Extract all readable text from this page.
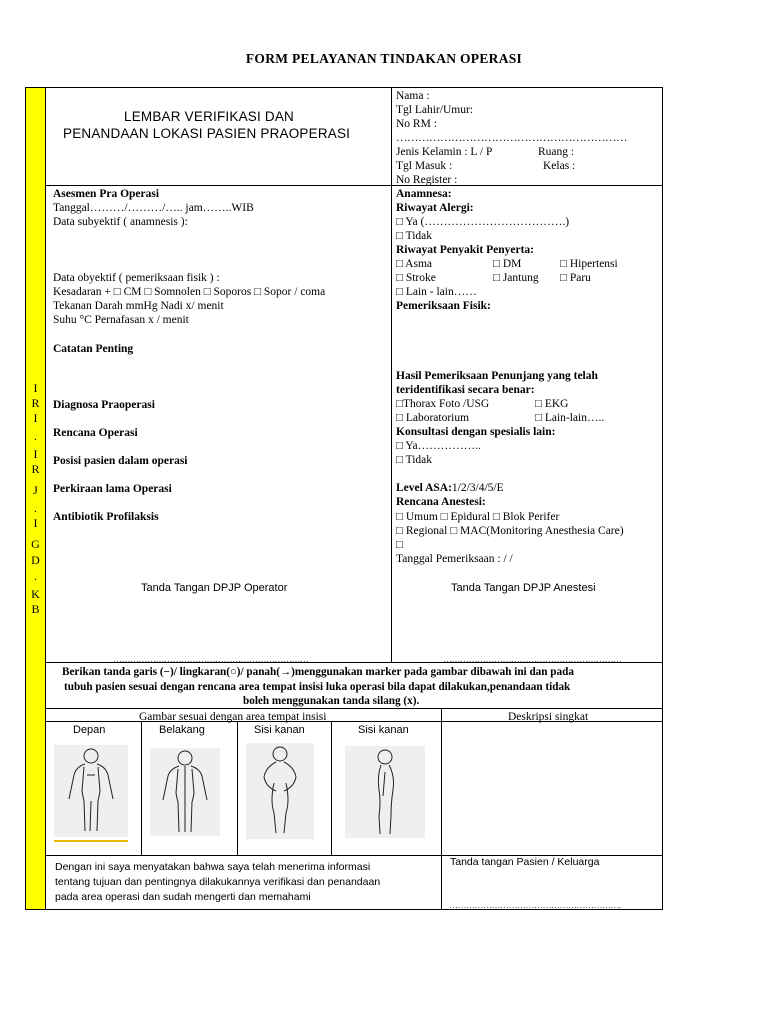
FORM PELAYANAN TINDAKAN OPERASI
I
R
I
.
I
R
J
.
I
G
D
.
K
B
LEMBAR VERIFIKASI DAN
PENANDAAN LOKASI PASIEN PRAOPERASI
Nama :
Tgl Lahir/Umur:
No RM :
………………………………………………………
Jenis Kelamin : L / P	Ruang :
Tgl Masuk :	Kelas :
No Register :
Asesmen Pra Operasi
Tanggal………/………/….. jam……..WIB
Data subyektif ( anamnesis ):
Data obyektif ( pemeriksaan fisik ) :
Kesadaran + □ CM □ Somnolen □ Soporos □ Sopor / coma
Tekanan Darah mmHg Nadi x/ menit
Suhu °C Pernafasan x / menit
Catatan Penting
Diagnosa Praoperasi
Rencana Operasi
Posisi pasien dalam operasi
Perkiraan lama Operasi
Antibiotik Profilaksis
Tanda Tangan DPJP Operator
……………………………………………………………
Anamnesa:
Riwayat Alergi:
□ Ya (……………………………….)
□ Tidak
Riwayat Penyakit Penyerta:
□ Asma	□ DM	□ Hipertensi
□ Stroke	□ Jantung □ Paru
□ Lain - lain……
Pemeriksaan Fisik:
Hasil Pemeriksaan Penunjang yang telah
teridentifikasi secara benar:
□Thorax Foto /USG	□ EKG
□ Laboratorium	□ Lain-lain…..
Konsultasi dengan spesialis lain:
□ Ya……………..
□ Tidak
Level ASA:1/2/3/4/5/E
Rencana Anestesi:
□ Umum □ Epidural □ Blok Perifer
□ Regional □ MAC(Monitoring Anesthesia Care)
□
Tanggal Pemeriksaan : / /
Tanda Tangan DPJP Anestesi
………………………………………………………
Berikan tanda garis (−)/ lingkaran(○)/ panah(→)menggunakan marker pada gambar dibawah ini dan pada
tubuh pasien sesuai dengan rencana area tempat insisi luka operasi bila dapat dilakukan,penandaan tidak
boleh menggunakan tanda silang (x).
Gambar sesuai dengan area tempat insisi	Deskripsi singkat
Depan	Belakang	Sisi kanan	Sisi kanan
Dengan ini saya menyatakan bahwa saya telah menerima informasi
tentang tujuan dan pentingnya dilakukannya verifikasi dan penandaan
pada area operasi dan sudah mengerti dan memahami
Tanda tangan Pasien / Keluarga
…………………………………………………….
